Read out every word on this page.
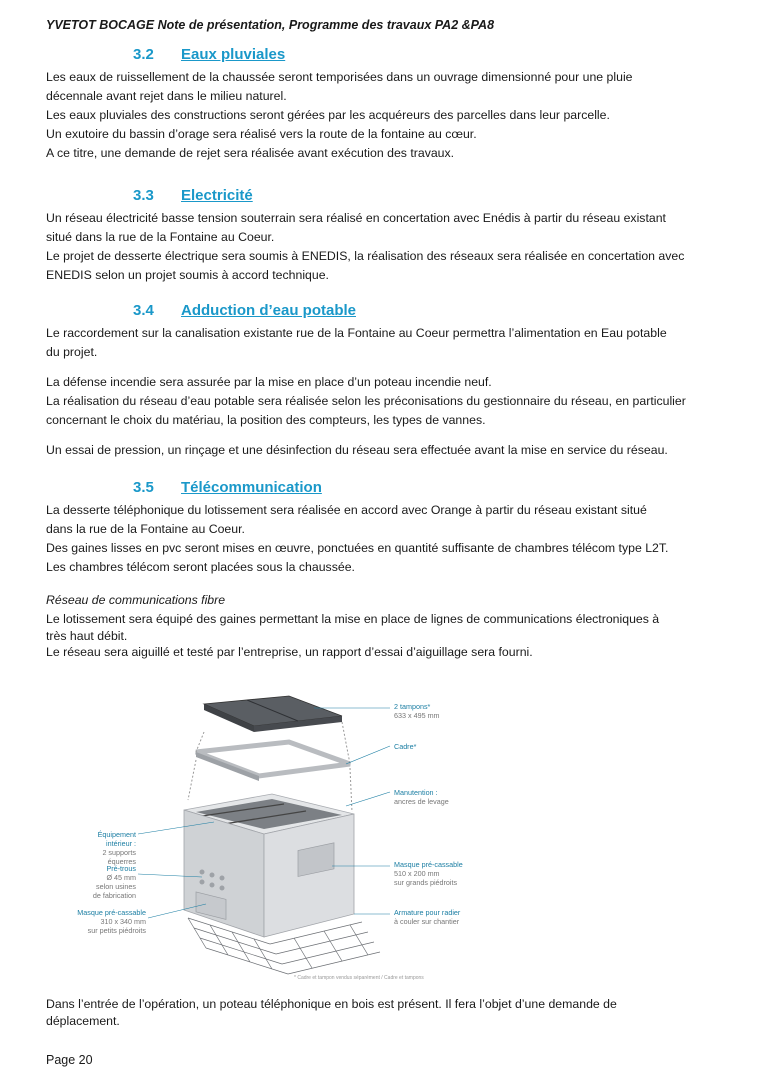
YVETOT BOCAGE Note de présentation, Programme des travaux PA2 &PA8
3.2 Eaux pluviales

Les eaux de ruissellement de la chaussée seront temporisées dans un ouvrage dimensionné pour une pluie

décennale avant rejet dans le milieu naturel.

Les eaux pluviales des constructions seront gérées par les acquéreurs des parcelles dans leur parcelle.

Un exutoire du bassin d’orage sera réalisé vers la route de la fontaine au cœur.

A ce titre, une demande de rejet sera réalisée avant exécution des travaux.

3.3 Electricité

Un réseau électricité basse tension souterrain sera réalisé en concertation avec Enédis à partir du réseau existant

situé dans la rue de la Fontaine au Coeur.

Le projet de desserte électrique sera soumis à ENEDIS, la réalisation des réseaux sera réalisée en concertation avec

ENEDIS selon un projet soumis à accord technique.

3.4 Adduction d’eau potable

Le raccordement sur la canalisation existante rue de la Fontaine au Coeur permettra l’alimentation en Eau potable

du projet.

La défense incendie sera assurée par la mise en place d’un poteau incendie neuf.

La réalisation du réseau d’eau potable sera réalisée selon les préconisations du gestionnaire du réseau, en particulier

concernant le choix du matériau, la position des compteurs, les types de vannes.

Un essai de pression, un rinçage et une désinfection du réseau sera effectuée avant la mise en service du réseau.

3.5 Télécommunication

La desserte téléphonique du lotissement sera réalisée en accord avec Orange à partir du réseau existant situé

dans la rue de la Fontaine au Coeur.

Des gaines lisses en pvc seront mises en œuvre, ponctuées en quantité suffisante de chambres télécom type L2T.

Les chambres télécom seront placées sous la chaussée.

Réseau de communications fibre

Le lotissement sera équipé des gaines permettant la mise en place de lignes de communications électroniques à

très haut débit.

Le réseau sera aiguillé et testé par l’entreprise, un rapport d’essai d’aiguillage sera fourni.

2 tampons*
633 x 495 mm
Cadre*
Manutention :
ancres de levage
Équipement intérieur :
2 supports équerres
Pré-trous
Ø 45 mm
selon usines
de fabrication
Masque pré-cassable
510 x 200 mm
sur grands piédroits
Masque pré-cassable
310 x 340 mm
sur petits piédroits
Armature pour radier
à couler sur chantier
* Cadre et tampon vendus séparément / Cadre et tampons

Dans l’entrée de l’opération, un poteau téléphonique en bois est présent. Il fera l’objet d’une demande de

déplacement.

Page 20
